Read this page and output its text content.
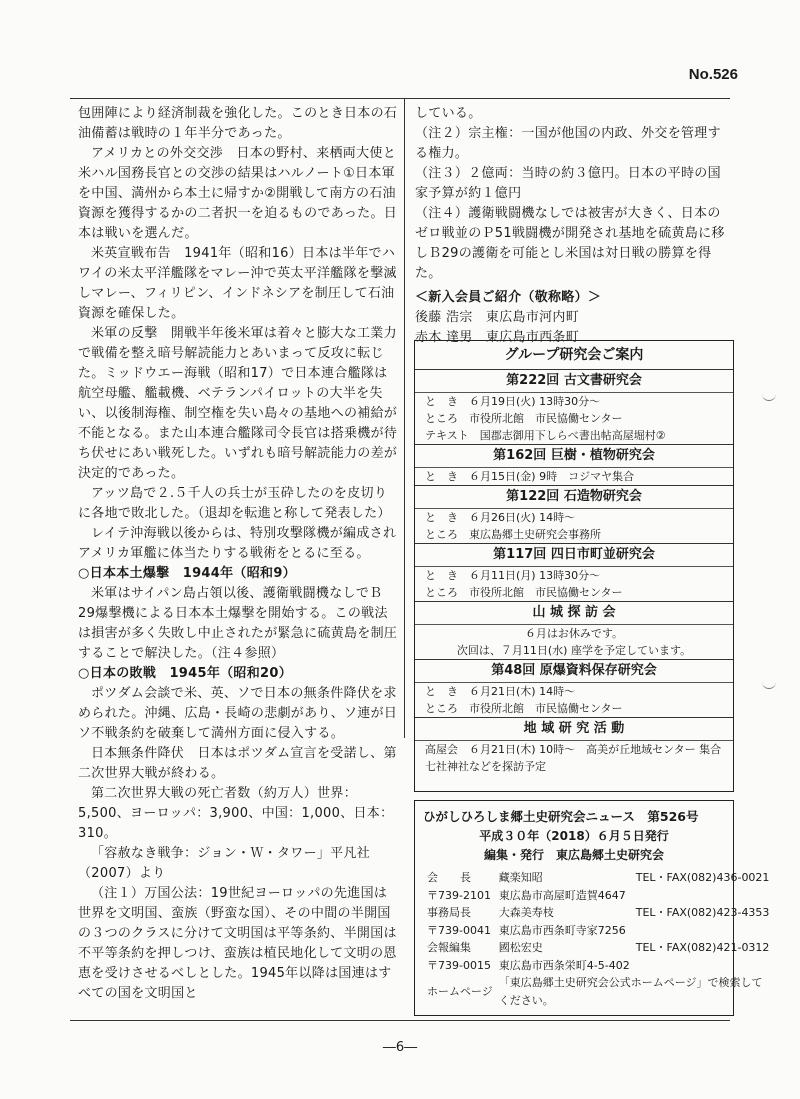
No.526

包囲陣により経済制裁を強化した。このとき日本の石油備蓄は戦時の１年半分であった。

アメリカとの外交交渉　日本の野村、来栖両大使と米ハル国務長官との交渉の結果はハルノート①日本軍を中国、満州から本土に帰すか②開戦して南方の石油資源を獲得するかの二者択一を迫るものであった。日本は戦いを選んだ。

米英宣戦布告　1941年（昭和16）日本は半年でハワイの米太平洋艦隊をマレー沖で英太平洋艦隊を撃滅しマレー、フィリピン、インドネシアを制圧して石油資源を確保した。

米軍の反撃　開戦半年後米軍は着々と膨大な工業力で戦備を整え暗号解読能力とあいまって反攻に転じた。ミッドウエー海戦（昭和17）で日本連合艦隊は航空母艦、艦載機、ベテランパイロットの大半を失い、以後制海権、制空権を失い島々の基地への補給が不能となる。また山本連合艦隊司令長官は搭乗機が待ち伏せにあい戦死した。いずれも暗号解読能力の差が決定的であった。

アッツ島で２.５千人の兵士が玉砕したのを皮切りに各地で敗北した。（退却を転進と称して発表した）

レイテ沖海戦以後からは、特別攻撃隊機が編成されアメリカ軍艦に体当たりする戦術をとるに至る。

○日本本土爆撃　1944年（昭和9）

米軍はサイパン島占領以後、護衛戦闘機なしでＢ29爆撃機による日本本土爆撃を開始する。この戦法は損害が多く失敗し中止されたが緊急に硫黄島を制圧することで解決した。（注４参照）

○日本の敗戦　1945年（昭和20）

ポツダム会談で米、英、ソで日本の無条件降伏を求められた。沖縄、広島・長崎の悲劇があり、ソ連が日ソ不戦条約を破棄して満州方面に侵入する。

日本無条件降伏　日本はポツダム宣言を受諾し、第二次世界大戦が終わる。

第二次世界大戦の死亡者数（約万人）世界：5,500、ヨーロッパ：3,900、中国：1,000、日本：310。

「容赦なき戦争：ジョン・Ｗ・タワー」平凡社（2007）より

（注１）万国公法：19世紀ヨーロッパの先進国は世界を文明国、蛮族（野蛮な国）、その中間の半開国の３つのクラスに分けて文明国は平等条約、半開国は不平等条約を押しつけ、蛮族は植民地化して文明の恩恵を受けさせるべしとした。1945年以降は国連はすべての国を文明国と

している。

（注２）宗主権：一国が他国の内政、外交を管理する権力。

（注３）２億両：当時の約３億円。日本の平時の国家予算が約１億円

（注４）護衛戦闘機なしでは被害が大きく、日本のゼロ戦並のＰ51戦闘機が開発され基地を硫黄島に移しＢ29の護衛を可能とし米国は対日戦の勝算を得た。

＜新入会員ご紹介（敬称略）＞

後藤 浩宗　東広島市河内町

赤木 達男　東広島市西条町

グループ研究会ご案内
第222回 古文書研究会
と　き　６月19日(火) 13時30分～
ところ　市役所北館　市民協働センター
テキスト　国郡志御用下しらべ書出帖高屋堀村②
第162回 巨樹・植物研究会
と　き　６月15日(金) 9時　コジマヤ集合
第122回 石造物研究会
と　き　６月26日(火) 14時～
ところ　東広島郷土史研究会事務所
第117回 四日市町並研究会
と　き　６月11日(月) 13時30分～
ところ　市役所北館　市民協働センター
山 城 探 訪 会
６月はお休みです。
次回は、７月11日(水) 座学を予定しています。
第48回 原爆資料保存研究会
と　き　６月21日(木) 14時～
ところ　市役所北館　市民協働センター
地 域 研 究 活 動
高屋会　６月21日(木) 10時～　高美が丘地域センター 集合　七社神社などを探訪予定
ひがしひろしま郷土史研究会ニュース　第526号
平成３０年（2018）６月５日発行
編集・発行　東広島郷土史研究会
会　　長	藏楽知昭	TEL・FAX(082)436-0021
〒739-2101	東広島市高屋町造賀4647	
事務局長	大森美寿枝	TEL・FAX(082)423-4353
〒739-0041	東広島市西条町寺家7256	
会報編集	國松宏史	TEL・FAX(082)421-0312
〒739-0015	東広島市西条栄町4-5-402	
ホームページ	「東広島郷土史研究会公式ホームページ」で検索してください。	
―6―
